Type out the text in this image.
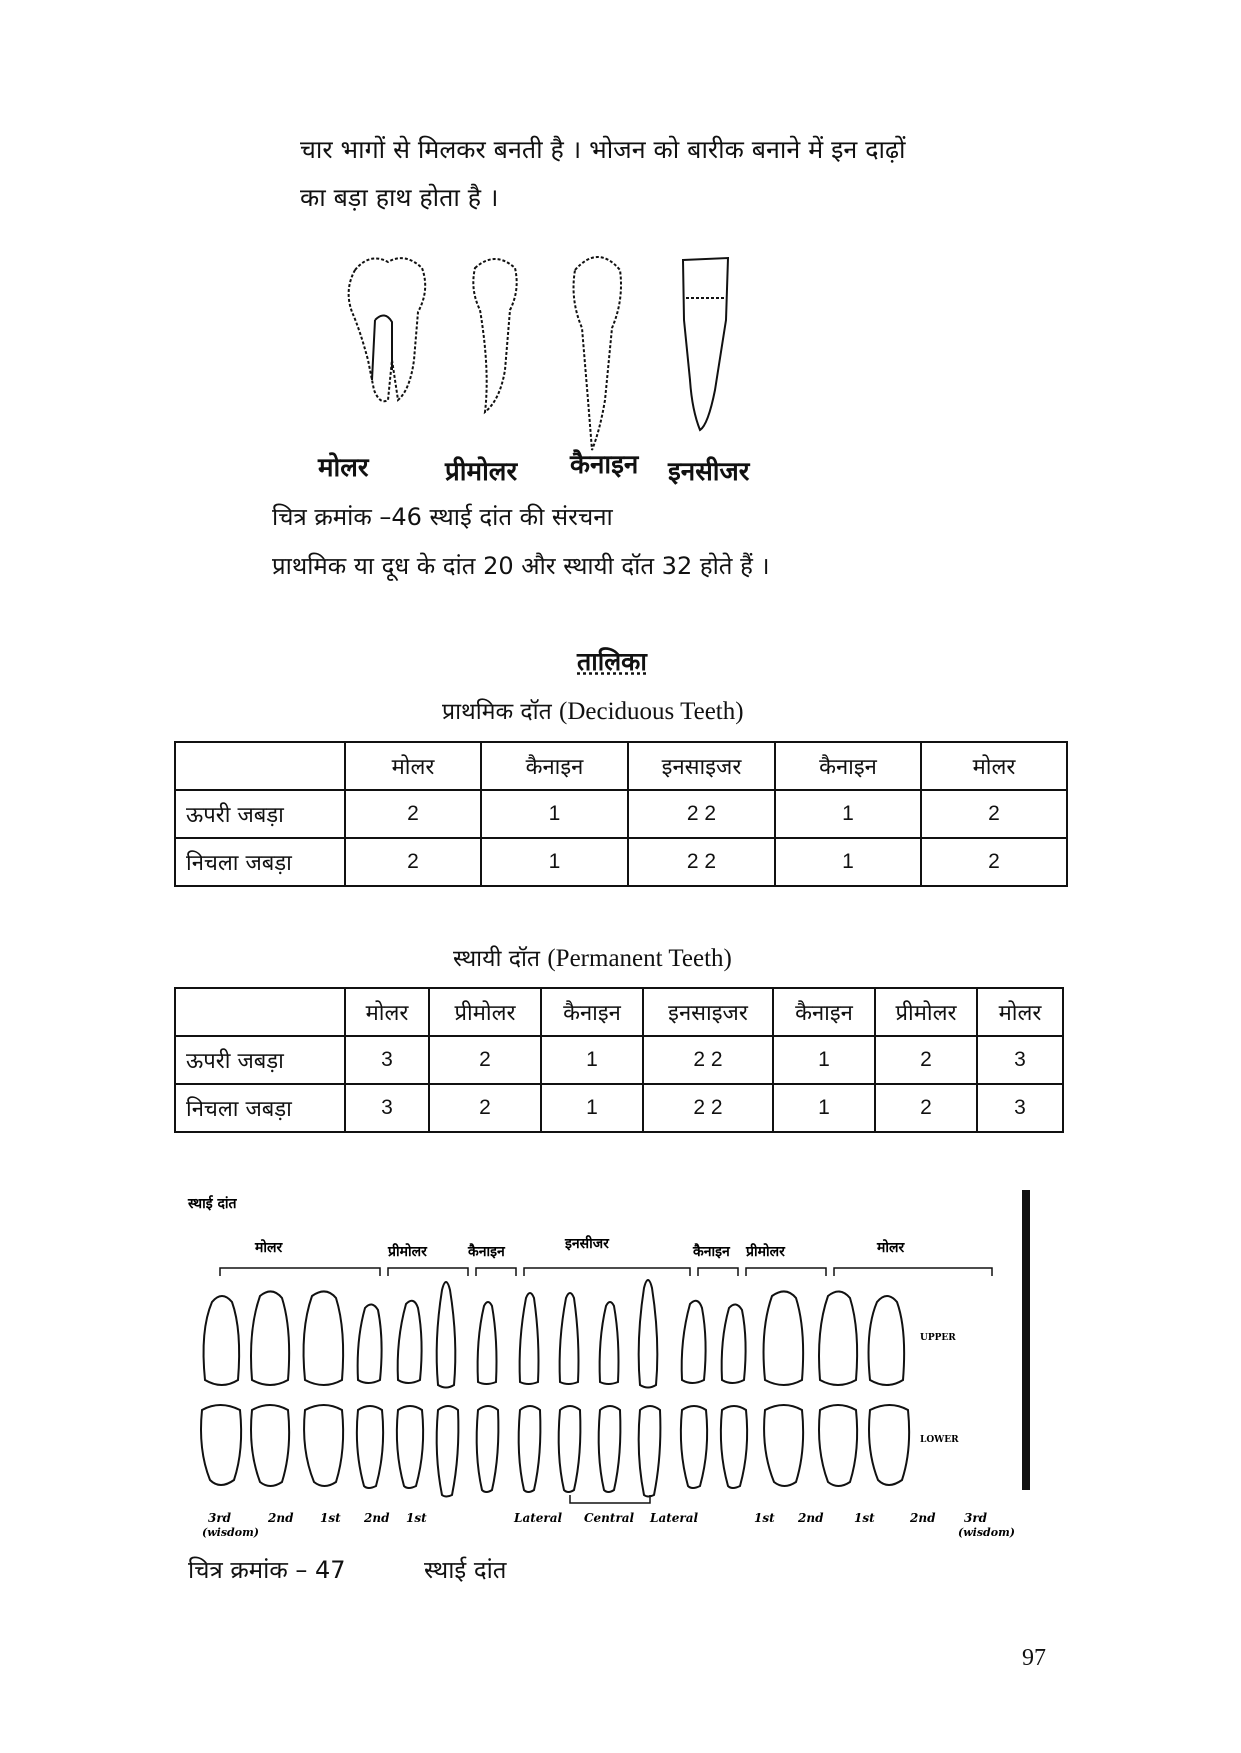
चार भागों से मिलकर बनती है । भोजन को बारीक बनाने में इन दाढ़ों
का बड़ा हाथ होता है ।
मोलर	प्रीमोलर कैनाइन इनसीजर
चित्र क्रमांक –46 स्थाई दांत की संरचना
प्राथमिक या दूध के दांत 20 और स्थायी दॉत 32 होते हैं ।
तालिका
प्राथमिक दॉत (Deciduous Teeth)
	मोलर	कैनाइन	इनसाइजर	कैनाइन	मोलर
ऊपरी जबड़ा	2	1	2 2	1	2
निचला जबड़ा	2	1	2 2	1	2
स्थायी दॉत (Permanent Teeth)
	मोलर	प्रीमोलर	कैनाइन	इनसाइजर	कैनाइन	प्रीमोलर	मोलर
ऊपरी जबड़ा	3	2	1	2 2	1	2	3
निचला जबड़ा	3	2	1	2 2	1	2	3
स्थाई दांत
मोलर	प्रीमोलर	कैनाइन	इनसीजर	कैनाइन प्रीमोलर	मोलर
UPPER
LOWER
3rd
(wisdom)
2nd 1st 2nd 1st	Lateral Central Lateral	1st 2nd	1st	2nd 3rd
(wisdom)
चित्र क्रमांक – 47	स्थाई दांत
97
